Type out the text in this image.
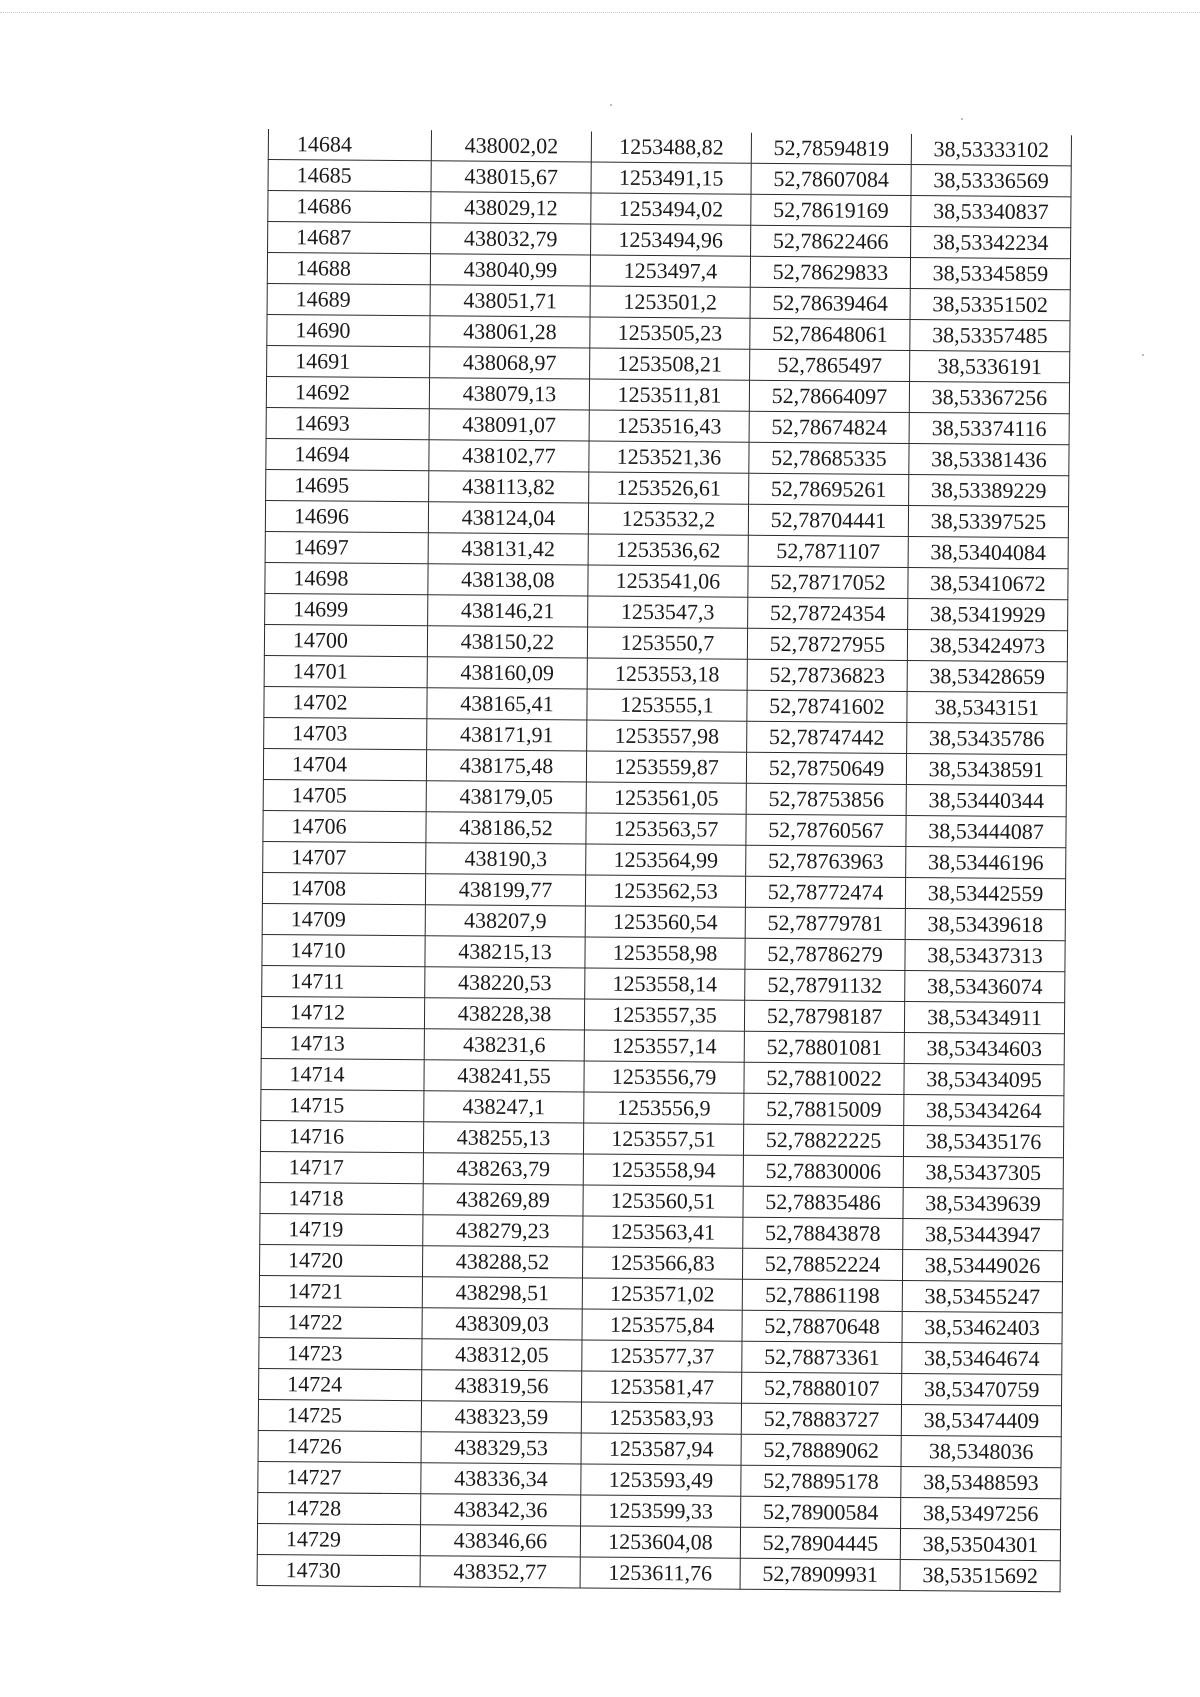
14684	438002,02	1253488,82	52,78594819	38,53333102
14685	438015,67	1253491,15	52,78607084	38,53336569
14686	438029,12	1253494,02	52,78619169	38,53340837
14687	438032,79	1253494,96	52,78622466	38,53342234
14688	438040,99	1253497,4	52,78629833	38,53345859
14689	438051,71	1253501,2	52,78639464	38,53351502
14690	438061,28	1253505,23	52,78648061	38,53357485
14691	438068,97	1253508,21	52,7865497	38,5336191
14692	438079,13	1253511,81	52,78664097	38,53367256
14693	438091,07	1253516,43	52,78674824	38,53374116
14694	438102,77	1253521,36	52,78685335	38,53381436
14695	438113,82	1253526,61	52,78695261	38,53389229
14696	438124,04	1253532,2	52,78704441	38,53397525
14697	438131,42	1253536,62	52,7871107	38,53404084
14698	438138,08	1253541,06	52,78717052	38,53410672
14699	438146,21	1253547,3	52,78724354	38,53419929
14700	438150,22	1253550,7	52,78727955	38,53424973
14701	438160,09	1253553,18	52,78736823	38,53428659
14702	438165,41	1253555,1	52,78741602	38,5343151
14703	438171,91	1253557,98	52,78747442	38,53435786
14704	438175,48	1253559,87	52,78750649	38,53438591
14705	438179,05	1253561,05	52,78753856	38,53440344
14706	438186,52	1253563,57	52,78760567	38,53444087
14707	438190,3	1253564,99	52,78763963	38,53446196
14708	438199,77	1253562,53	52,78772474	38,53442559
14709	438207,9	1253560,54	52,78779781	38,53439618
14710	438215,13	1253558,98	52,78786279	38,53437313
14711	438220,53	1253558,14	52,78791132	38,53436074
14712	438228,38	1253557,35	52,78798187	38,53434911
14713	438231,6	1253557,14	52,78801081	38,53434603
14714	438241,55	1253556,79	52,78810022	38,53434095
14715	438247,1	1253556,9	52,78815009	38,53434264
14716	438255,13	1253557,51	52,78822225	38,53435176
14717	438263,79	1253558,94	52,78830006	38,53437305
14718	438269,89	1253560,51	52,78835486	38,53439639
14719	438279,23	1253563,41	52,78843878	38,53443947
14720	438288,52	1253566,83	52,78852224	38,53449026
14721	438298,51	1253571,02	52,78861198	38,53455247
14722	438309,03	1253575,84	52,78870648	38,53462403
14723	438312,05	1253577,37	52,78873361	38,53464674
14724	438319,56	1253581,47	52,78880107	38,53470759
14725	438323,59	1253583,93	52,78883727	38,53474409
14726	438329,53	1253587,94	52,78889062	38,5348036
14727	438336,34	1253593,49	52,78895178	38,53488593
14728	438342,36	1253599,33	52,78900584	38,53497256
14729	438346,66	1253604,08	52,78904445	38,53504301
14730	438352,77	1253611,76	52,78909931	38,53515692
